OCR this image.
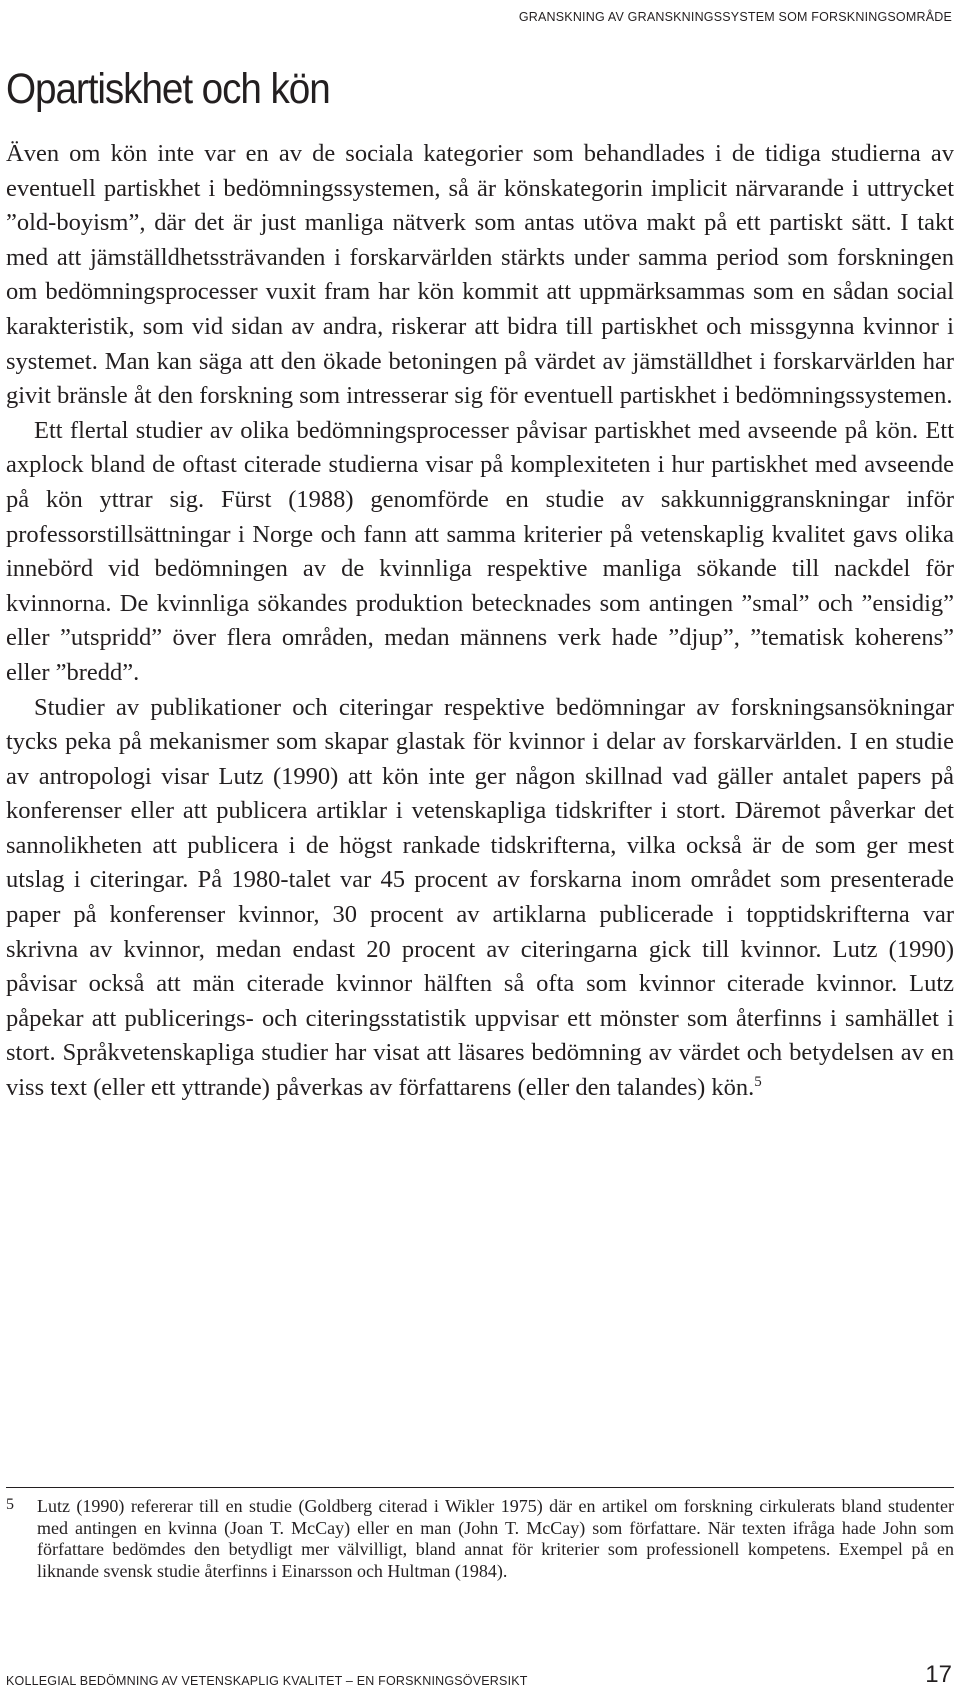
GRANSKNING AV GRANSKNINGSSYSTEM SOM FORSKNINGSOMRÅDE
Opartiskhet och kön

Även om kön inte var en av de sociala kategorier som behandlades i de tidiga studierna av eventuell partiskhet i bedömningssystemen, så är könskategorin implicit närvarande i uttrycket ”old-boyism”, där det är just manliga nätverk som antas utöva makt på ett partiskt sätt. I takt med att jämställdhetssträvanden i forskarvärlden stärkts under samma period som forskningen om bedömningsprocesser vuxit fram har kön kommit att uppmärksammas som en sådan social karakteristik, som vid sidan av andra, riskerar att bidra till partiskhet och missgynna kvinnor i systemet. Man kan säga att den ökade betoningen på värdet av jämställdhet i forskarvärlden har givit bränsle åt den forskning som intresserar sig för eventuell partiskhet i bedömningssystemen.

Ett flertal studier av olika bedömningsprocesser påvisar partiskhet med avseende på kön. Ett axplock bland de oftast citerade studierna visar på komplexiteten i hur partiskhet med avseende på kön yttrar sig. Fürst (1988) genomförde en studie av sakkunniggranskningar inför professorstillsättningar i Norge och fann att samma kriterier på vetenskaplig kvalitet gavs olika innebörd vid bedömningen av de kvinnliga respektive manliga sökande till nackdel för kvinnorna. De kvinnliga sökandes produktion betecknades som antingen ”smal” och ”ensidig” eller ”utspridd” över flera områden, medan männens verk hade ”djup”, ”tematisk koherens” eller ”bredd”.

Studier av publikationer och citeringar respektive bedömningar av forskningsansökningar tycks peka på mekanismer som skapar glastak för kvinnor i delar av forskarvärlden. I en studie av antropologi visar Lutz (1990) att kön inte ger någon skillnad vad gäller antalet papers på konferenser eller att publicera artiklar i vetenskapliga tidskrifter i stort. Däremot påverkar det sannolikheten att publicera i de högst rankade tidskrifterna, vilka också är de som ger mest utslag i citeringar. På 1980-talet var 45 procent av forskarna inom området som presenterade paper på konferenser kvinnor, 30 procent av artiklarna publicerade i topptidskrifterna var skrivna av kvinnor, medan endast 20 procent av citeringarna gick till kvinnor. Lutz (1990) påvisar också att män citerade kvinnor hälften så ofta som kvinnor citerade kvinnor. Lutz påpekar att publicerings- och citeringsstatistik uppvisar ett mönster som återfinns i samhället i stort. Språkvetenskapliga studier har visat att läsares bedömning av värdet och betydelsen av en viss text (eller ett yttrande) påverkas av författarens (eller den talandes) kön.$^5$

5 Lutz (1990) refererar till en studie (Goldberg citerad i Wikler 1975) där en artikel om forskning cirkulerats bland studenter med antingen en kvinna (Joan T. McCay) eller en man (John T. McCay) som författare. När texten ifråga hade John som författare bedömdes den betydligt mer välvilligt, bland annat för kriterier som professionell kompetens. Exempel på en liknande svensk studie återfinns i Einarsson och Hultman (1984).

KOLLEGIAL BEDÖMNING AV VETENSKAPLIG KVALITET – EN FORSKNINGSÖVERSIKT	17
